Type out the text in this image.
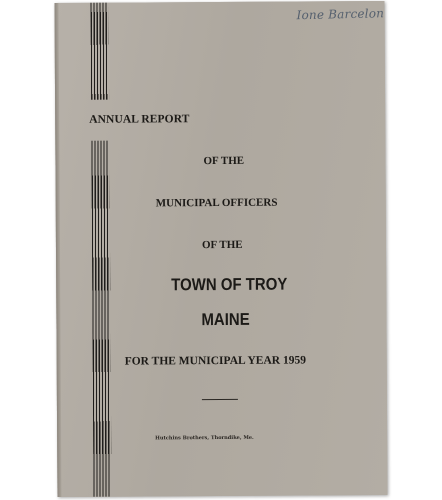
Ione Barcelon
ANNUAL REPORT
OF THE
MUNICIPAL OFFICERS
OF THE
TOWN OF TROY
MAINE
FOR THE MUNICIPAL YEAR 1959
Hutchins Brothers, Thorndike, Me.
